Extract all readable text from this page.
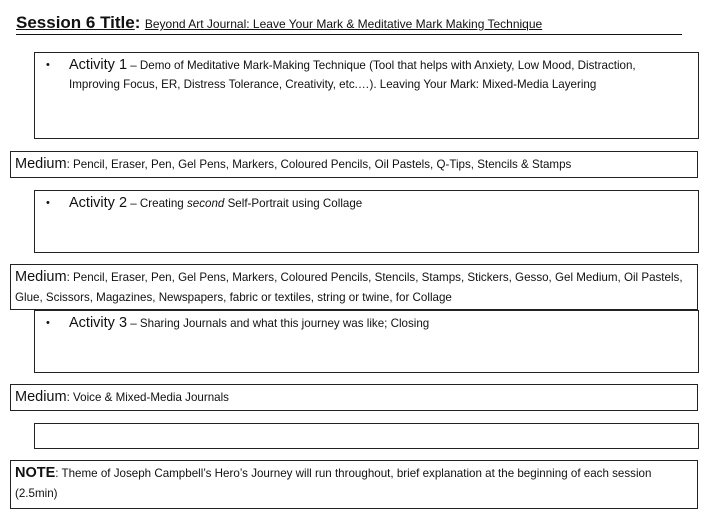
Session 6 Title: Beyond Art Journal: Leave Your Mark & Meditative Mark Making Technique
• Activity 1 – Demo of Meditative Mark-Making Technique (Tool that helps with Anxiety, Low Mood, Distraction, Improving Focus, ER, Distress Tolerance, Creativity, etc.…). Leaving Your Mark: Mixed-Media Layering
Medium: Pencil, Eraser, Pen, Gel Pens, Markers, Coloured Pencils, Oil Pastels, Q-Tips, Stencils & Stamps
• Activity 2 – Creating second Self-Portrait using Collage
Medium: Pencil, Eraser, Pen, Gel Pens, Markers, Coloured Pencils, Stencils, Stamps, Stickers, Gesso, Gel Medium, Oil Pastels, Glue, Scissors, Magazines, Newspapers, fabric or textiles, string or twine, for Collage
• Activity 3 – Sharing Journals and what this journey was like; Closing
Medium: Voice & Mixed-Media Journals
NOTE: Theme of Joseph Campbell’s Hero’s Journey will run throughout, brief explanation at the beginning of each session (2.5min)
